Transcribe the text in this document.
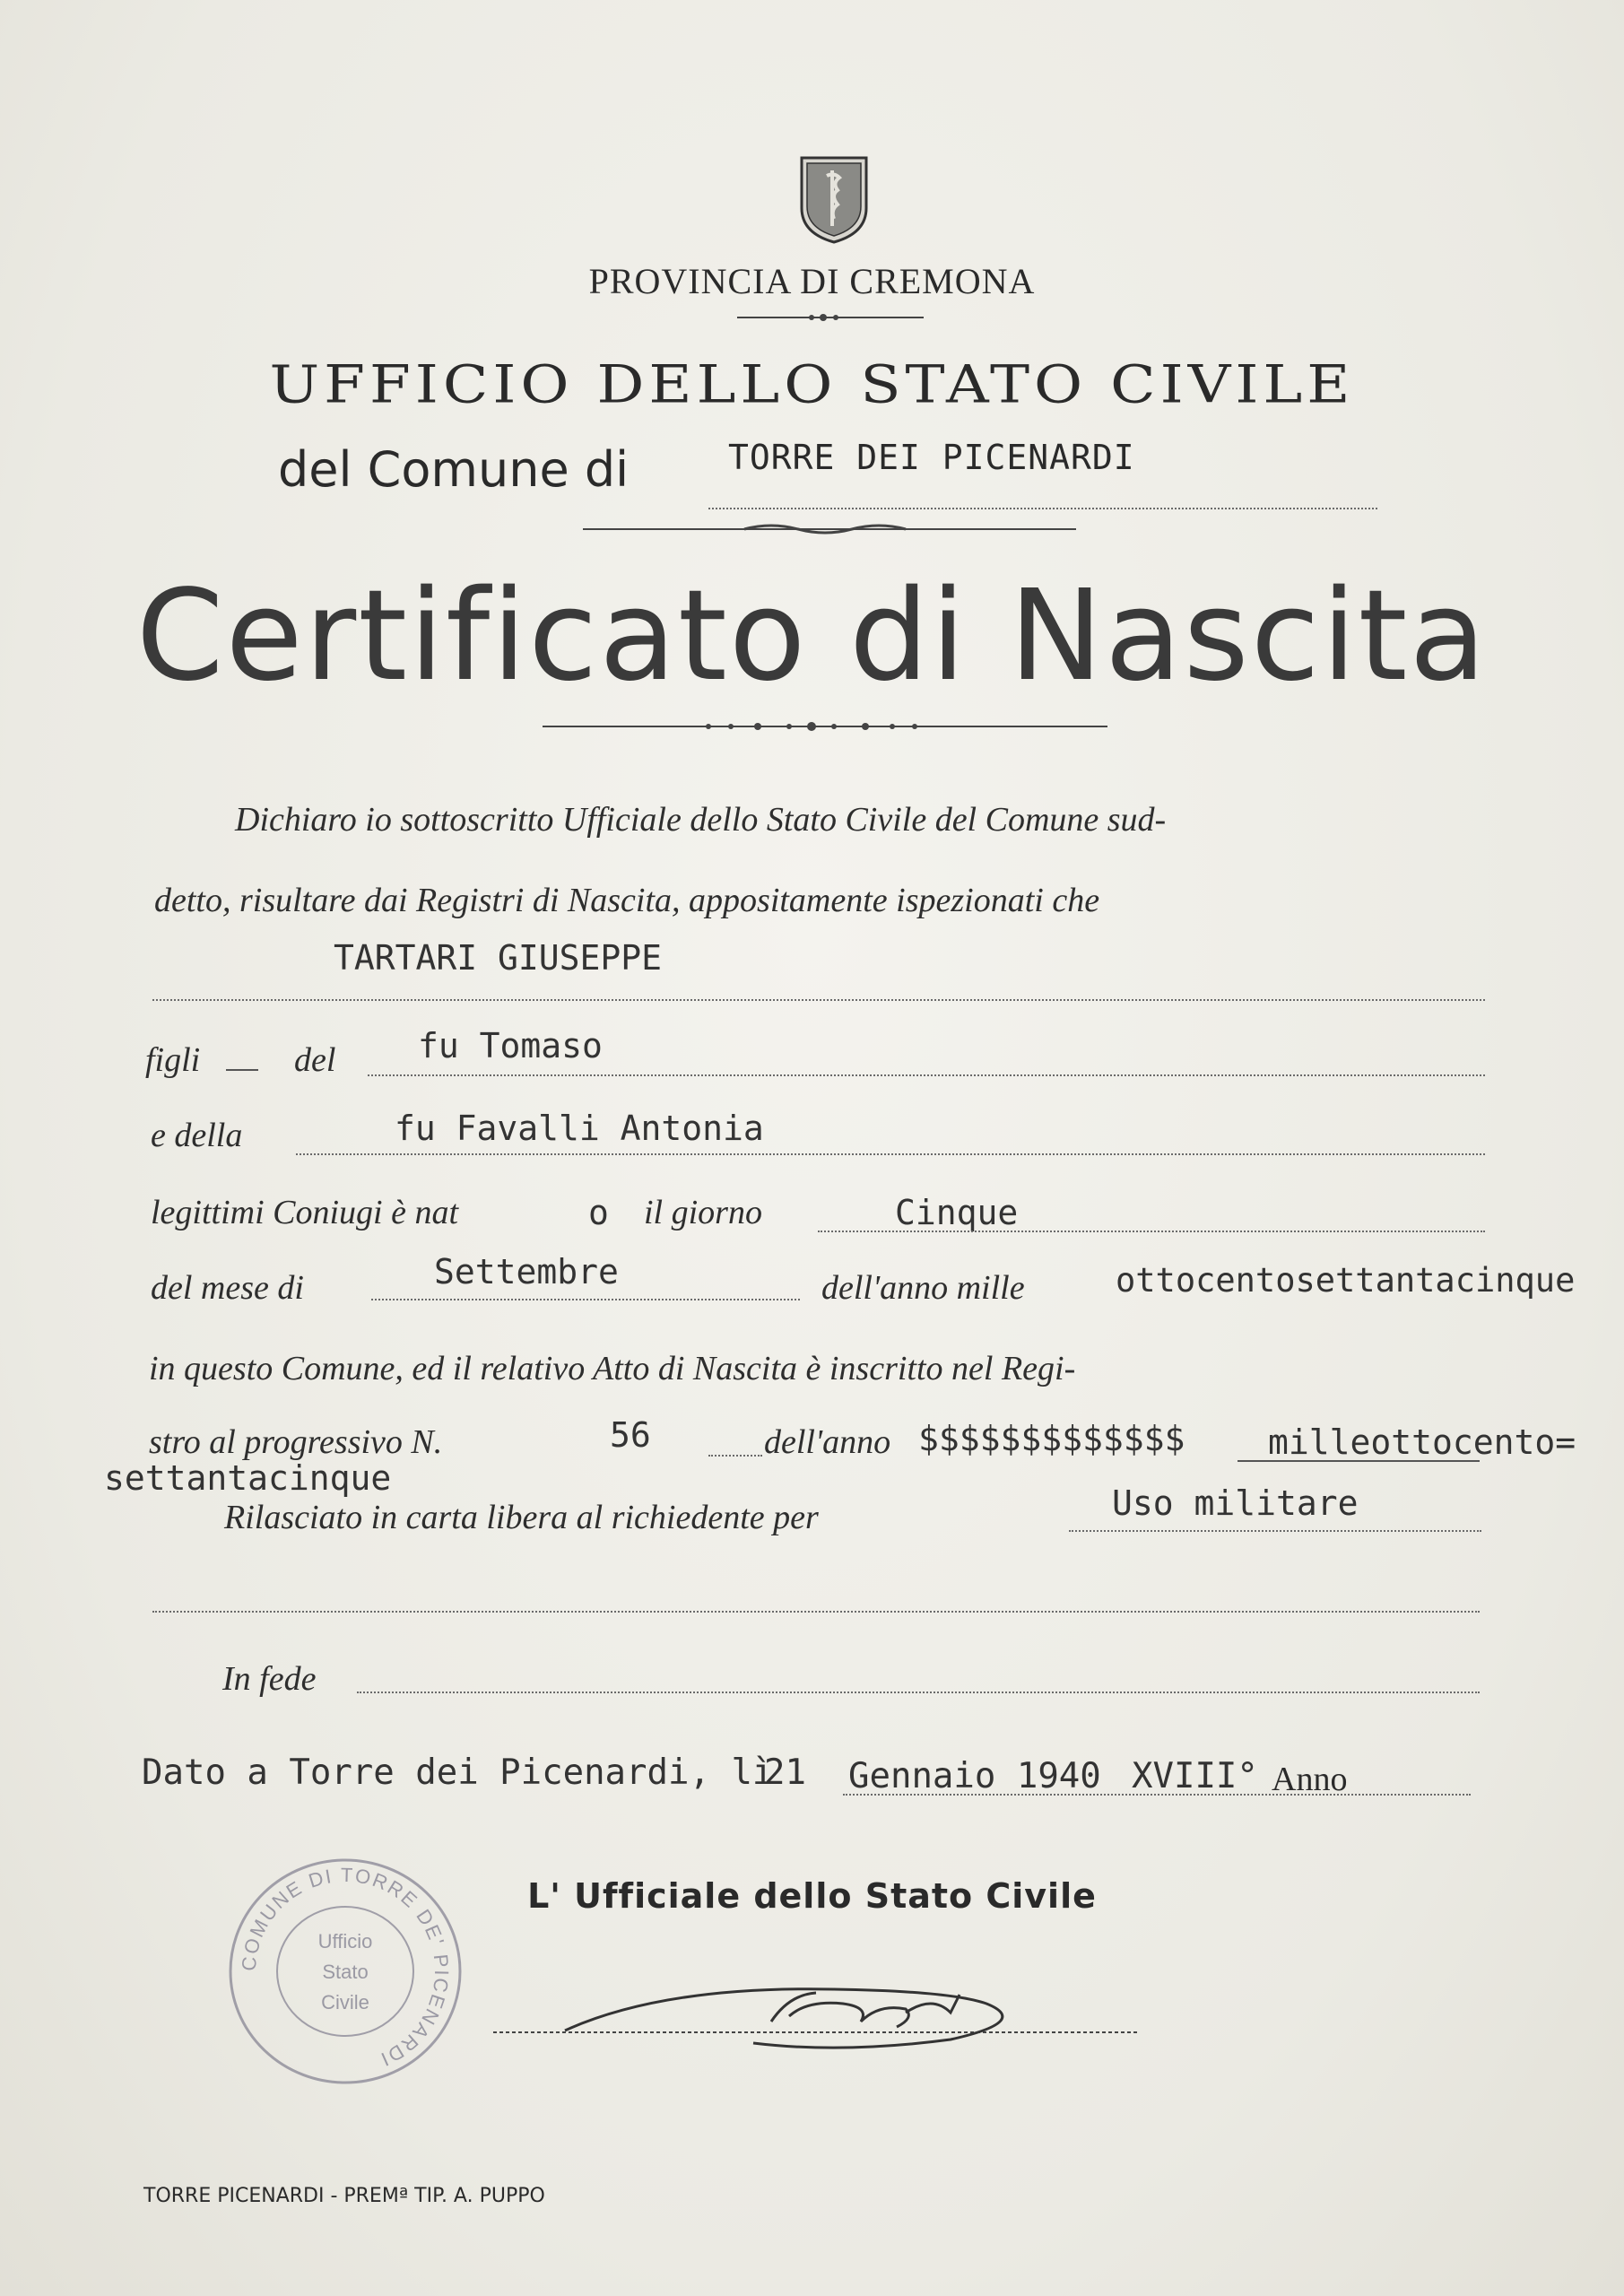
PROVINCIA DI CREMONA
UFFICIO DELLO STATO CIVILE
del Comune di	TORRE DEI PICENARDI
Certificato di Nascita
Dichiaro io sottoscritto Ufficiale dello Stato Civile del Comune sud-
detto, risultare dai Registri di Nascita, appositamente ispezionati che
TARTARI GIUSEPPE
figli	del fu Tomaso
e della	fu Favalli Antonia
legittimi Coniugi è nat	o il giorno	Cinque
del mese di	Settembre	dell'anno mille	ottocentosettantacinque
in questo Comune, ed il relativo Atto di Nascita è inscritto nel Regi-
stro al progressivo N.	56	dell'anno $$$$$$$$$$$$$ milleottocento=
settantacinque
Rilasciato in carta libera al richiedente per	Uso militare
In fede
Dato a Torre dei Picenardi, lì
21 Gennaio 1940 XVIII° Anno
COMUNE DI TORRE DE' PICENARDI
Ufficio
Stato
Civile
L' Ufficiale dello Stato Civile
TORRE PICENARDI - PREMª TIP. A. PUPPO
